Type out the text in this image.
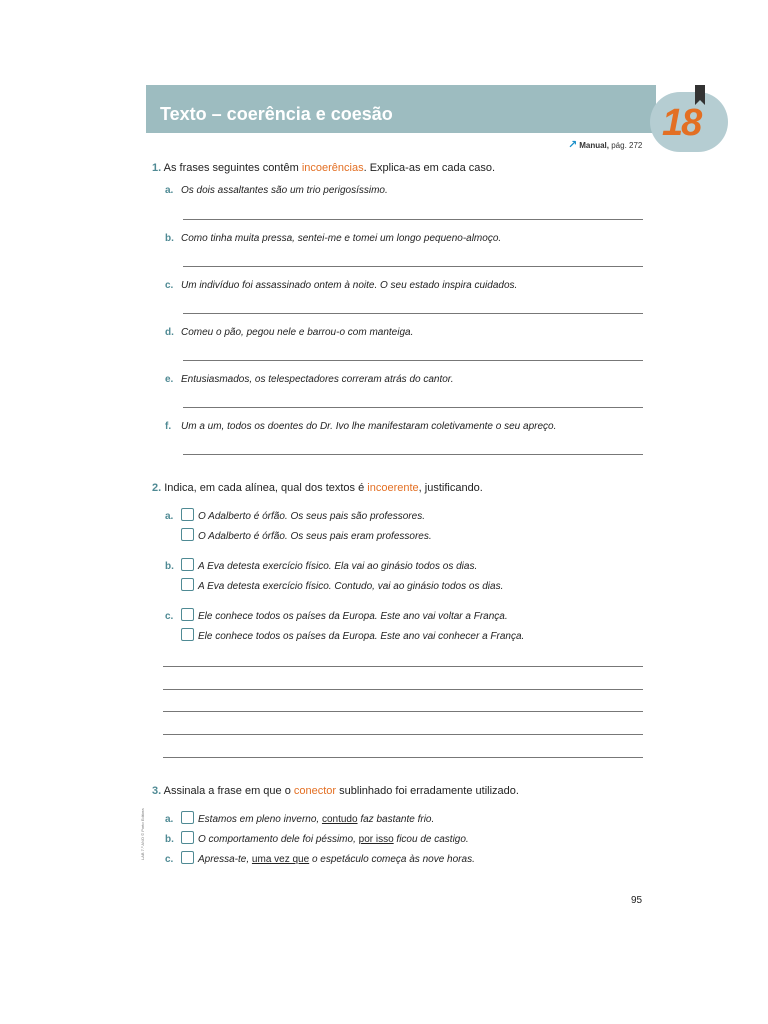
Texto – coerência e coesão	18
↗ Manual, pág. 272
1. As frases seguintes contêm incoerências. Explica-as em cada caso.
a. Os dois assaltantes são um trio perigosíssimo.
b. Como tinha muita pressa, sentei-me e tomei um longo pequeno-almoço.
c. Um indivíduo foi assassinado ontem à noite. O seu estado inspira cuidados.
d. Comeu o pão, pegou nele e barrou-o com manteiga.
e. Entusiasmados, os telespectadores correram atrás do cantor.
f. Um a um, todos os doentes do Dr. Ivo lhe manifestaram coletivamente o seu apreço.
2. Indica, em cada alínea, qual dos textos é incoerente, justificando.
a. O Adalberto é órfão. Os seus pais são professores.
O Adalberto é órfão. Os seus pais eram professores.
b. A Eva detesta exercício físico. Ela vai ao ginásio todos os dias.
A Eva detesta exercício físico. Contudo, vai ao ginásio todos os dias.
c. Ele conhece todos os países da Europa. Este ano vai voltar a França.
Ele conhece todos os países da Europa. Este ano vai conhecer a França.
3. Assinala a frase em que o conector sublinhado foi erradamente utilizado.
a. Estamos em pleno inverno, contudo faz bastante frio.
b. O comportamento dele foi péssimo, por isso ficou de castigo.
c. Apressa-te, uma vez que o espetáculo começa às nove horas.
LAB 7.º ANO © Porto Editora
95
